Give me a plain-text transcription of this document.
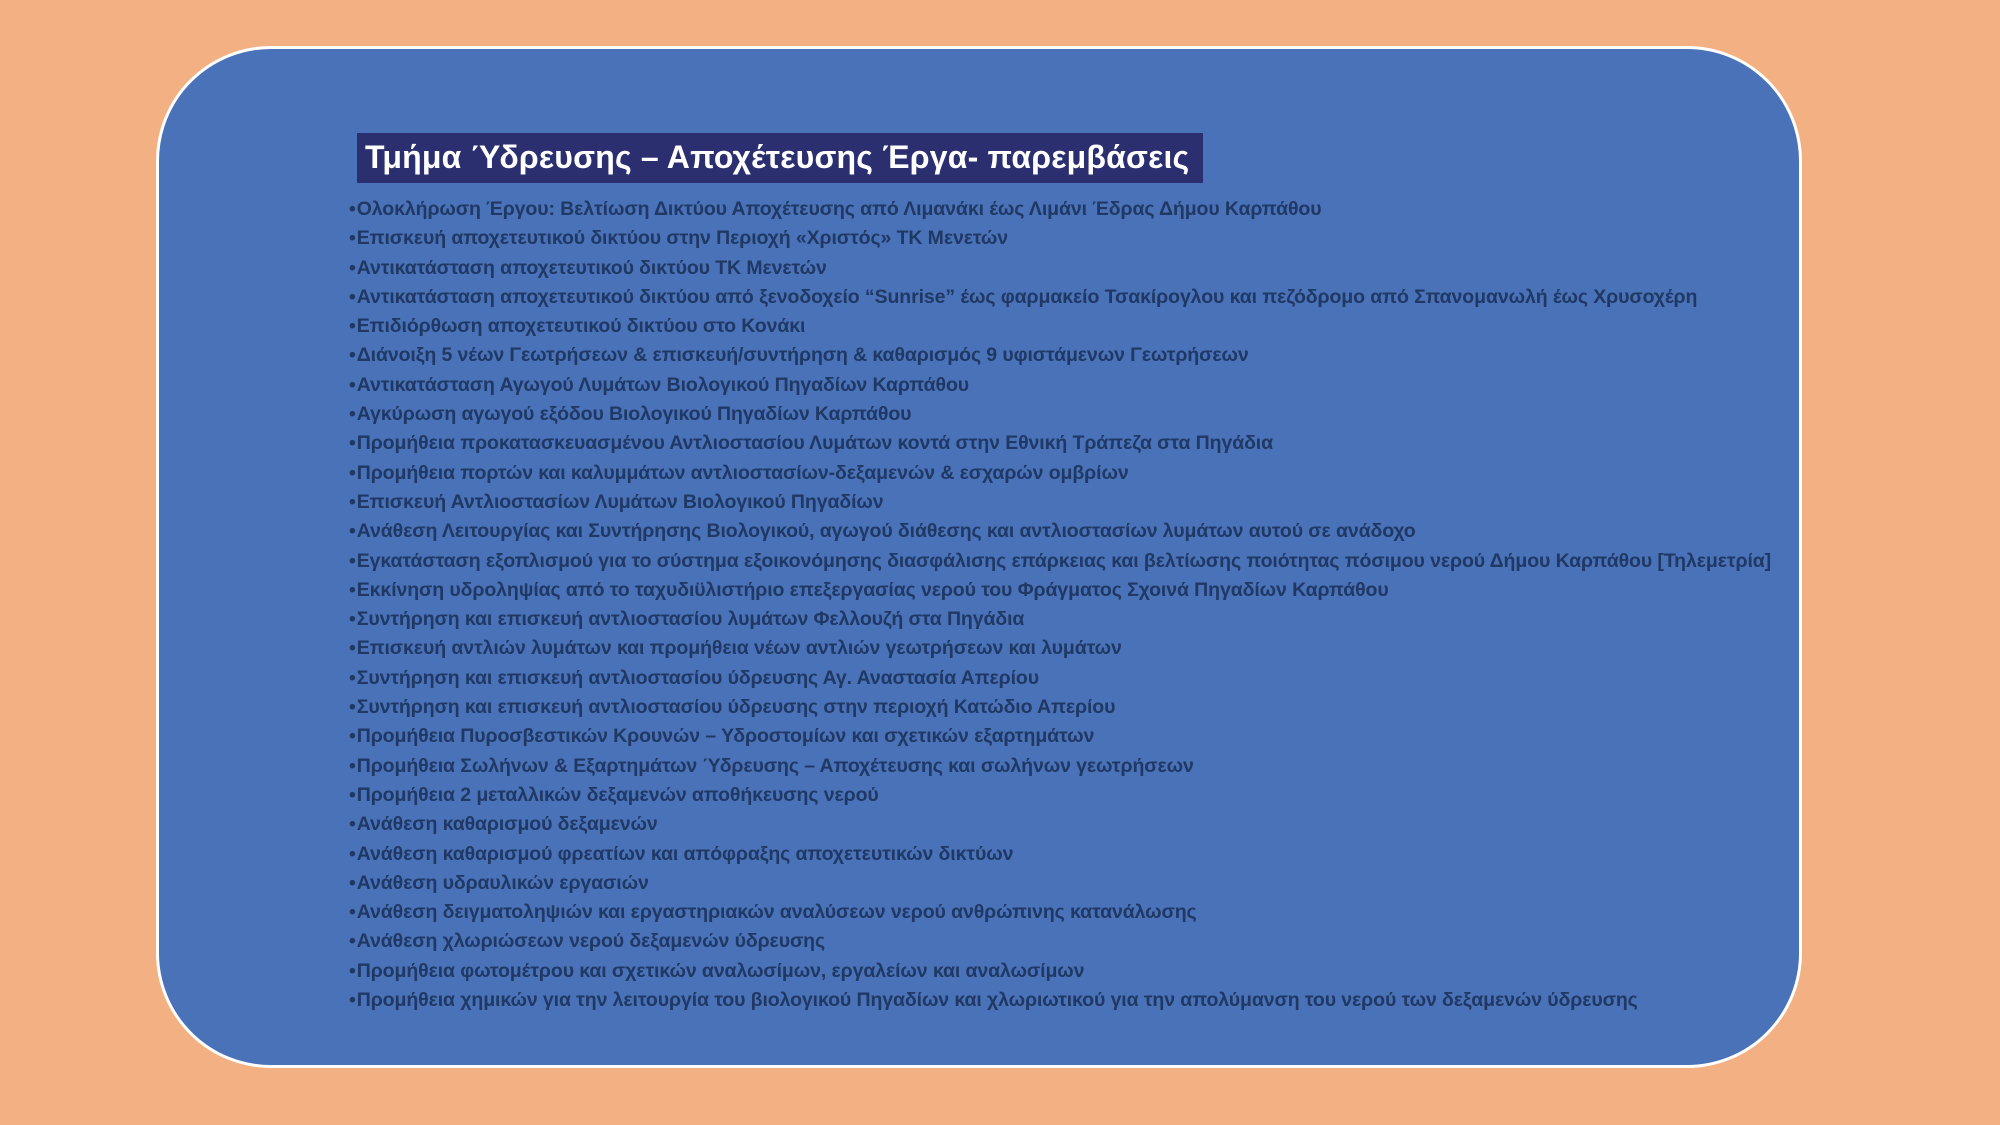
Τμήμα Ύδρευσης – Αποχέτευσης Έργα- παρεμβάσεις
•Ολοκλήρωση Έργου: Βελτίωση Δικτύου Αποχέτευσης από Λιμανάκι έως Λιμάνι Έδρας Δήμου Καρπάθου
•Επισκευή αποχετευτικού δικτύου στην Περιοχή «Χριστός» ΤΚ Μενετών
•Αντικατάσταση αποχετευτικού δικτύου ΤΚ Μενετών
•Αντικατάσταση αποχετευτικού δικτύου από ξενοδοχείο “Sunrise” έως φαρμακείο Τσακίρογλου και πεζόδρομο από Σπανομανωλή έως Χρυσοχέρη
•Επιδιόρθωση αποχετευτικού δικτύου στο Κονάκι
•Διάνοιξη 5 νέων Γεωτρήσεων & επισκευή/συντήρηση & καθαρισμός 9 υφιστάμενων Γεωτρήσεων
•Αντικατάσταση Αγωγού Λυμάτων Βιολογικού Πηγαδίων Καρπάθου
•Αγκύρωση αγωγού εξόδου Βιολογικού Πηγαδίων Καρπάθου
•Προμήθεια προκατασκευασμένου Αντλιοστασίου Λυμάτων κοντά στην Εθνική Τράπεζα στα Πηγάδια
•Προμήθεια πορτών και καλυμμάτων αντλιοστασίων-δεξαμενών & εσχαρών ομβρίων
•Επισκευή Αντλιοστασίων Λυμάτων Βιολογικού Πηγαδίων
•Ανάθεση Λειτουργίας και Συντήρησης Βιολογικού, αγωγού διάθεσης και αντλιοστασίων λυμάτων αυτού σε ανάδοχο
•Εγκατάσταση εξοπλισμού για το σύστημα εξοικονόμησης διασφάλισης επάρκειας και βελτίωσης ποιότητας πόσιμου νερού Δήμου Καρπάθου [Τηλεμετρία]
•Εκκίνηση υδροληψίας από το ταχυδιϋλιστήριο επεξεργασίας νερού του Φράγματος Σχοινά Πηγαδίων Καρπάθου
•Συντήρηση και επισκευή αντλιοστασίου λυμάτων Φελλουζή στα Πηγάδια
•Επισκευή αντλιών λυμάτων και προμήθεια νέων αντλιών γεωτρήσεων και λυμάτων
•Συντήρηση και επισκευή αντλιοστασίου ύδρευσης Αγ. Αναστασία Απερίου
•Συντήρηση και επισκευή αντλιοστασίου ύδρευσης στην περιοχή Κατώδιο Απερίου
•Προμήθεια Πυροσβεστικών Κρουνών – Υδροστομίων και σχετικών εξαρτημάτων
•Προμήθεια Σωλήνων & Εξαρτημάτων Ύδρευσης – Αποχέτευσης και σωλήνων γεωτρήσεων
•Προμήθεια 2 μεταλλικών δεξαμενών αποθήκευσης νερού
•Ανάθεση καθαρισμού δεξαμενών
•Ανάθεση καθαρισμού φρεατίων και απόφραξης αποχετευτικών δικτύων
•Ανάθεση υδραυλικών εργασιών
•Ανάθεση δειγματοληψιών και εργαστηριακών αναλύσεων νερού ανθρώπινης κατανάλωσης
•Ανάθεση χλωριώσεων νερού δεξαμενών ύδρευσης
•Προμήθεια φωτομέτρου και σχετικών αναλωσίμων, εργαλείων και αναλωσίμων
•Προμήθεια χημικών για την λειτουργία του βιολογικού Πηγαδίων και χλωριωτικού για την απολύμανση του νερού των δεξαμενών ύδρευσης
